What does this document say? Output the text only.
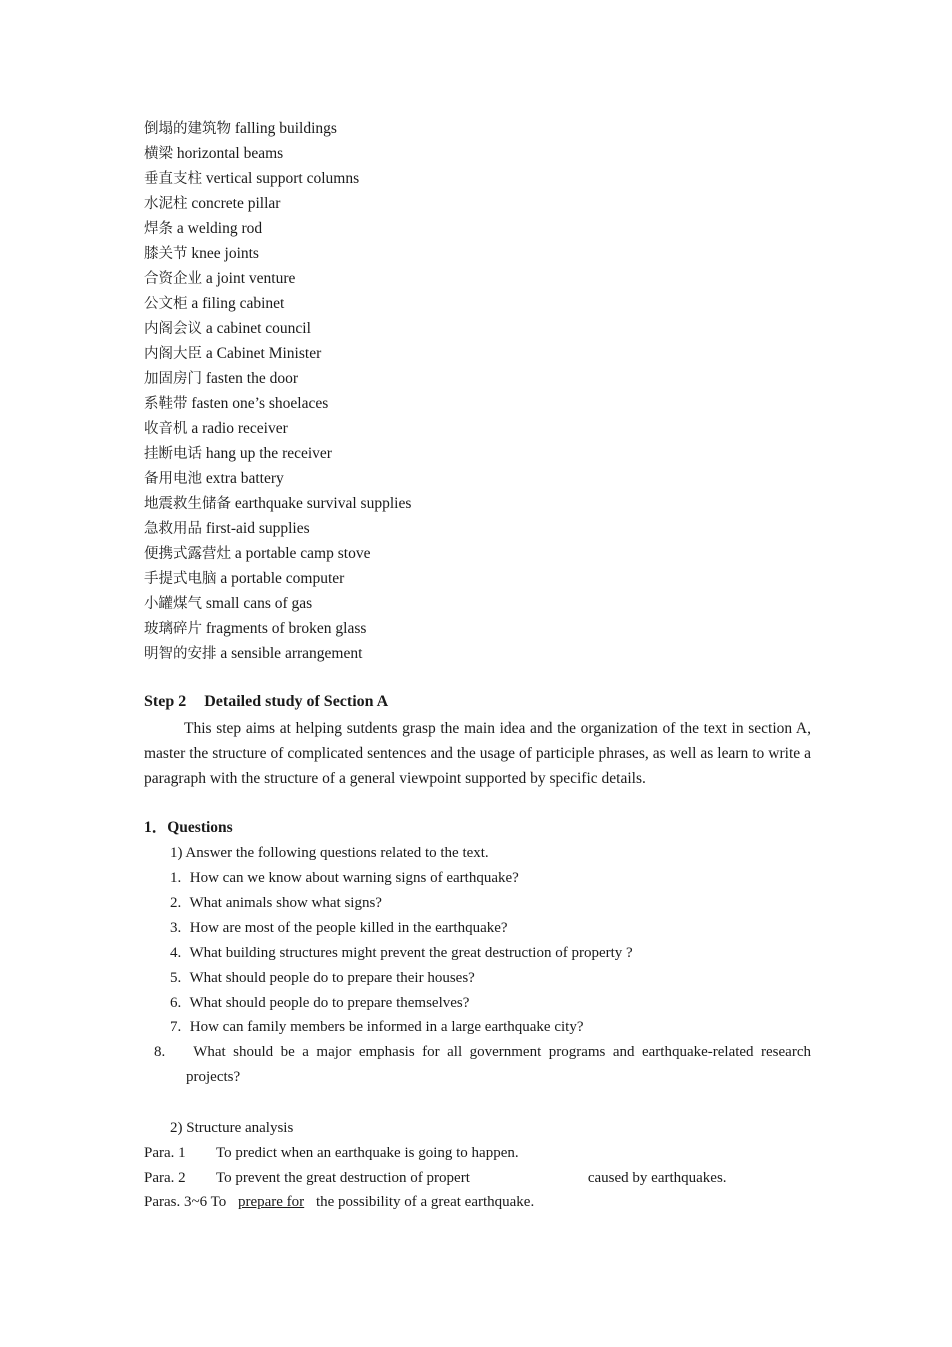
倒塌的建筑物 falling buildings
横梁 horizontal beams
垂直支柱 vertical support columns
水泥柱 concrete pillar
焊条 a welding rod
膝关节 knee joints
合资企业 a joint venture
公文柜 a filing cabinet
内阁会议 a cabinet council
内阁大臣 a Cabinet Minister
加固房门 fasten the door
系鞋带 fasten one’s shoelaces
收音机 a radio receiver
挂断电话 hang up the receiver
备用电池 extra battery
地震救生储备 earthquake survival supplies
急救用品 first-aid supplies
便携式露营灶 a portable camp stove
手提式电脑 a portable computer
小罐煤气 small cans of gas
玻璃碎片 fragments of broken glass
明智的安排 a sensible arrangement
Step 2 Detailed study of Section A

This step aims at helping sutdents grasp the main idea and the organization of the text in section A, master the structure of complicated sentences and the usage of participle phrases, as well as learn to write a paragraph with the structure of a general viewpoint supported by specific details.

1．Questions
1) Answer the following questions related to the text.
1. How can we know about warning signs of earthquake?
2. What animals show what signs?
3. How are most of the people killed in the earthquake?
4. What building structures might prevent the great destruction of property ?
5. What should people do to prepare their houses?
6. What should people do to prepare themselves?
7. How can family members be informed in a large earthquake city?
8. What should be a major emphasis for all government programs and earthquake-related research projects?
2) Structure analysis
Para. 1 To predict when an earthquake is going to happen.
Para. 2 To prevent the great destruction of propert	caused by earthquakes.
Paras. 3~6 To prepare for the possibility of a great earthquake.
